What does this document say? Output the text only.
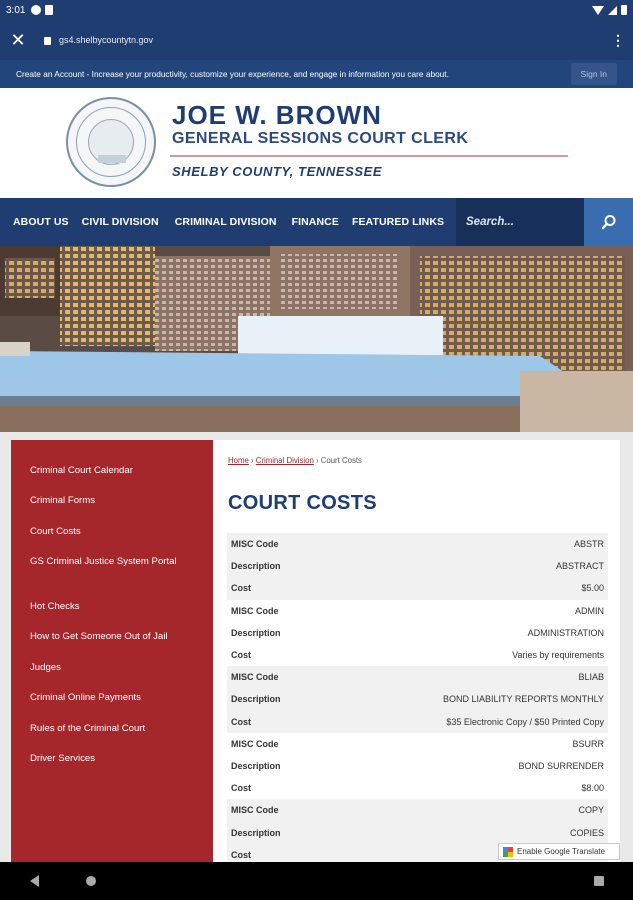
3:01
✕	gs4.shelbycountytn.gov	⋮
Create an Account - Increase your productivity, customize your experience, and engage in information you care about.	Sign In
JOE W. BROWN
GENERAL SESSIONS COURT CLERK
SHELBY COUNTY, TENNESSEE
ABOUT US	CIVIL DIVISION	CRIMINAL DIVISION	FINANCE	FEATURED LINKS	Search...
Criminal Court Calendar
Criminal Forms
Court Costs
GS Criminal Justice System Portal
Hot Checks
How to Get Someone Out of Jail
Judges
Criminal Online Payments
Rules of the Criminal Court
Driver Services
Home › Criminal Division › Court Costs
COURT COSTS
MISC Code	ABSTR
Description	ABSTRACT
Cost	$5.00
MISC Code	ADMIN
Description	ADMINISTRATION
Cost	Varies by requirements
MISC Code	BLIAB
Description	BOND LIABILITY REPORTS MONTHLY
Cost	$35 Electronic Copy / $50 Printed Copy
MISC Code	BSURR
Description	BOND SURRENDER
Cost	$8.00
MISC Code	COPY
Description	COPIES
Cost	Enable Google Translate
